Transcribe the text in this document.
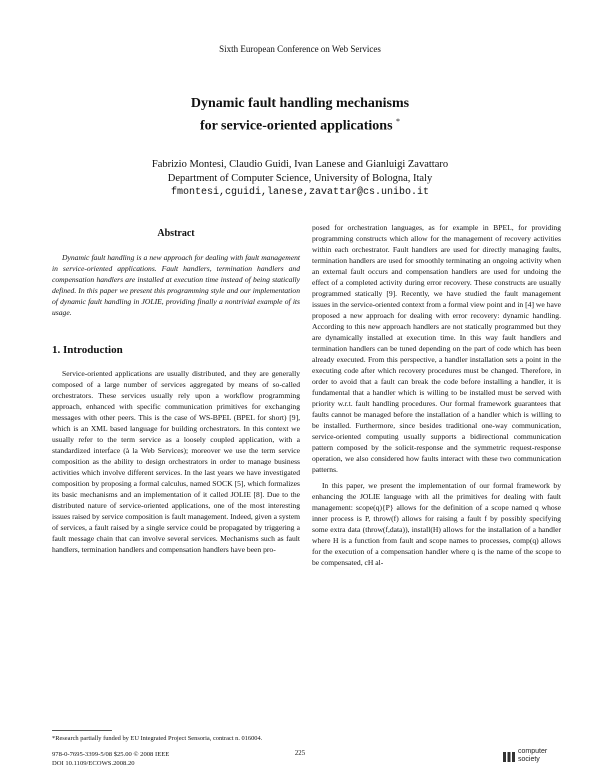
Sixth European Conference on Web Services
Dynamic fault handling mechanisms
for service-oriented applications *
Fabrizio Montesi, Claudio Guidi, Ivan Lanese and Gianluigi Zavattaro
Department of Computer Science, University of Bologna, Italy
fmontesi,cguidi,lanese,zavattar@cs.unibo.it
Abstract

Dynamic fault handling is a new approach for dealing with fault management in service-oriented applications. Fault handlers, termination handlers and compensation handlers are installed at execution time instead of being statically defined. In this paper we present this programming style and our implementation of dynamic fault handling in JOLIE, providing finally a nontrivial example of its usage.

1. Introduction

Service-oriented applications are usually distributed, and they are generally composed of a large number of services aggregated by means of so-called orchestrators. These services usually rely upon a workflow programming approach, enhanced with specific communication primitives for exchanging messages with other peers. This is the case of WS-BPEL (BPEL for short) [9], which is an XML based language for building orchestrators. In this context we usually refer to the term service as a loosely coupled application, with a standardized interface (à la Web Services); moreover we use the term service composition as the ability to design orchestrators in order to manage business activities which involve different services. In the last years we have investigated composition by proposing a formal calculus, named SOCK [5], which formalizes its basic mechanisms and an implementation of it called JOLIE [8]. Due to the distributed nature of service-oriented applications, one of the most interesting issues raised by service composition is fault management. Indeed, given a system of services, a fault raised by a single service could be propagated by triggering a fault message chain that can involve several services. Mechanisms such as fault handlers, termination handlers and compensation handlers have been pro-

posed for orchestration languages, as for example in BPEL, for providing programming constructs which allow for the management of recovery activities within each orchestrator. Fault handlers are used for directly managing faults, termination handlers are used for smoothly terminating an ongoing activity when an external fault occurs and compensation handlers are used for undoing the effect of a completed activity during error recovery. These constructs are usually programmed statically [9]. Recently, we have studied the fault management issues in the service-oriented context from a formal view point and in [4] we have proposed a new approach for dealing with error recovery: dynamic handling. According to this new approach handlers are not statically programmed but they are dynamically installed at execution time. In this way fault handlers and termination handlers can be tuned depending on the part of code which has been already executed. From this perspective, a handler installation sets a point in the executing code after which recovery procedures must be changed. Therefore, in order to avoid that a fault can break the code before installing a handler, it is fundamental that a handler which is willing to be installed must be served with priority w.r.t. fault handling procedures. Our formal framework guarantees that faults cannot be managed before the installation of a handler which is willing to be installed. Furthermore, since besides traditional one-way communication, service-oriented computing usually supports a bidirectional communication pattern composed by the solicit-response and the symmetric request-response operation, we also considered how faults interact with these two communication patterns.

In this paper, we present the implementation of our formal framework by enhancing the JOLIE language with all the primitives for dealing with fault management: scope(q){P} allows for the definition of a scope named q whose inner process is P, throw(f) allows for raising a fault f by possibly specifying some extra data (throw(f,data)), install(H) allows for the installation of a handler where H is a function from fault and scope names to processes, comp(q) allows for the execution of a compensation handler where q is the name of the scope to be compensated, cH al-

*Research partially funded by EU Integrated Project Sensoria, contract n. 016004.
978-0-7695-3399-5/08 $25.00 © 2008 IEEE
DOI 10.1109/ECOWS.2008.20
225	computer
society
